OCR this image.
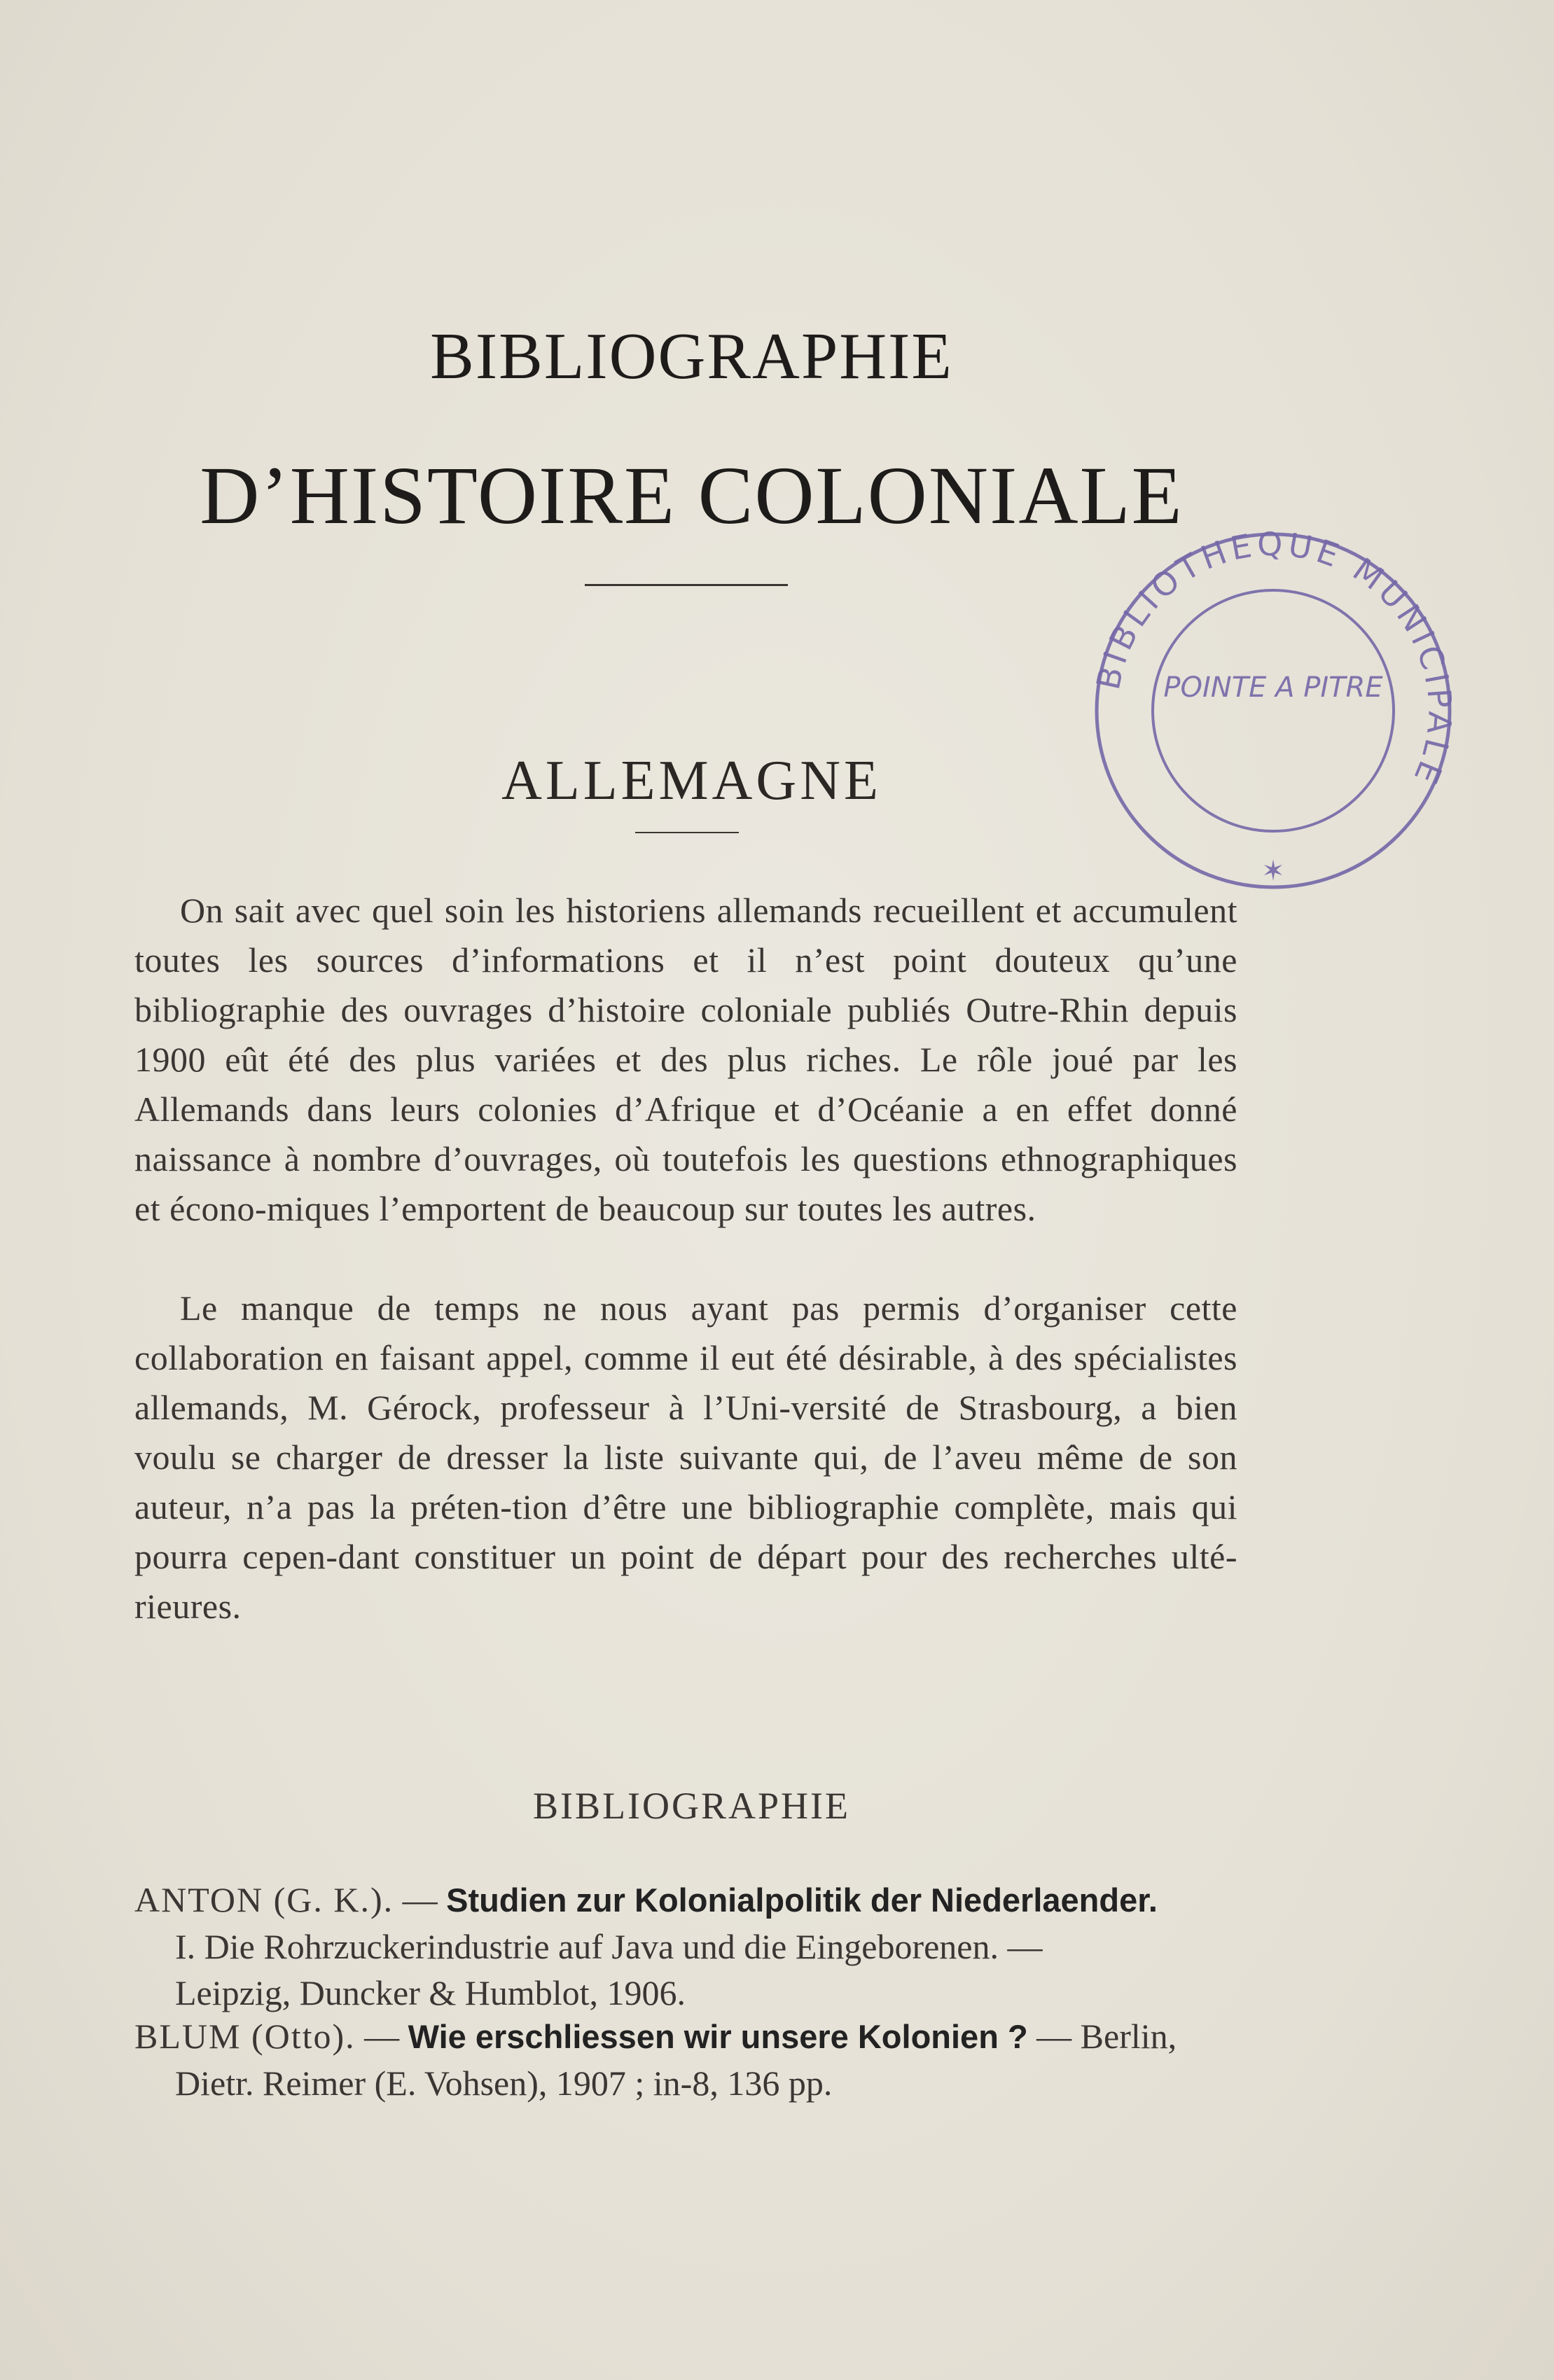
BIBLIOGRAPHIE
D’HISTOIRE COLONIALE
ALLEMAGNE

On sait avec quel soin les historiens allemands recueillent et accumulent toutes les sources d’informations et il n’est point douteux qu’une bibliographie des ouvrages d’histoire coloniale publiés Outre-Rhin depuis 1900 eût été des plus variées et des plus riches. Le rôle joué par les Allemands dans leurs colonies d’Afrique et d’Océanie a en effet donné naissance à nombre d’ouvrages, où toutefois les questions ethnographiques et écono-miques l’emportent de beaucoup sur toutes les autres.

Le manque de temps ne nous ayant pas permis d’organiser cette collaboration en faisant appel, comme il eut été désirable, à des spécialistes allemands, M. Gérock, professeur à l’Uni-versité de Strasbourg, a bien voulu se charger de dresser la liste suivante qui, de l’aveu même de son auteur, n’a pas la préten-tion d’être une bibliographie complète, mais qui pourra cepen-dant constituer un point de départ pour des recherches ulté-rieures.

BIBLIOGRAPHIE
ANTON (G. K.). — Studien zur Kolonialpolitik der Niederlaender.
I. Die Rohrzuckerindustrie auf Java und die Eingeborenen. —
Leipzig, Duncker & Humblot, 1906.
BLUM (Otto). — Wie erschliessen wir unsere Kolonien ? — Berlin,
Dietr. Reimer (E. Vohsen), 1907 ; in-8, 136 pp.
BIBLIOTHEQUE MUNICIPALE
POINTE A PITRE
✶
